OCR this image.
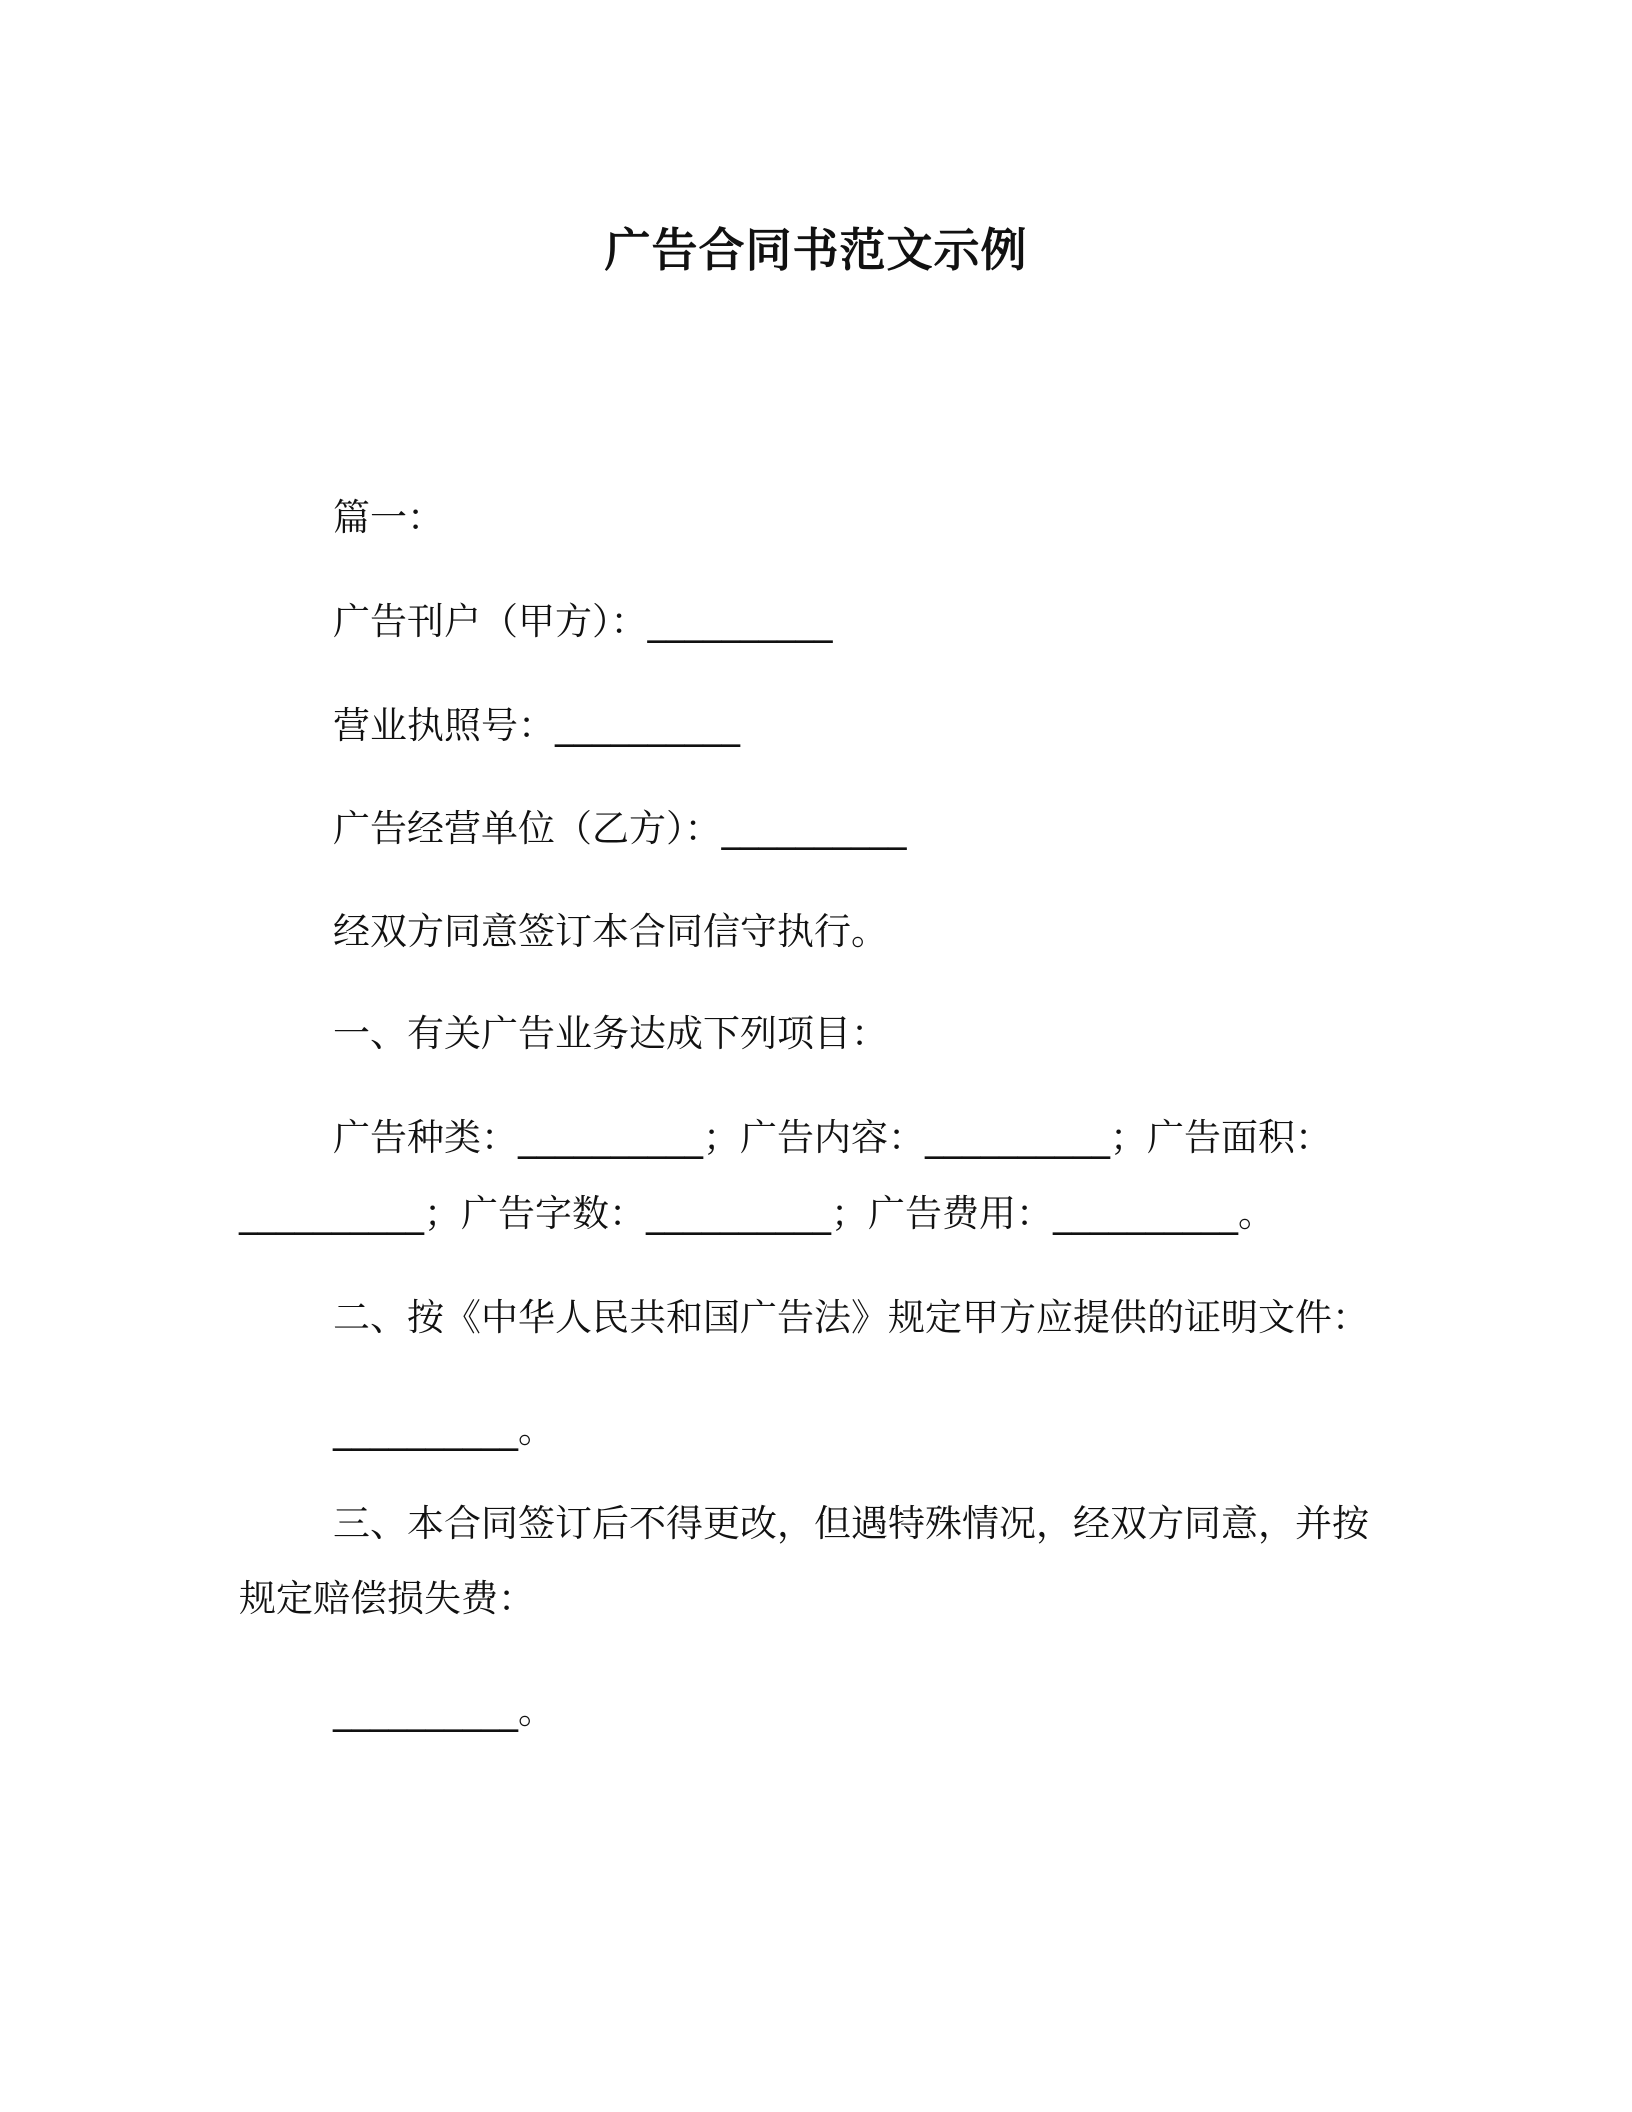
广告合同书范文示例
篇一：
广告刊户（甲方）：__________
营业执照号：__________
广告经营单位（乙方）：__________
经双方同意签订本合同信守执行。
一、有关广告业务达成下列项目：
广告种类：__________；广告内容：__________；广告面积：
__________；广告字数：__________；广告费用：__________。
二、按《中华人民共和国广告法》规定甲方应提供的证明文件：
__________。
三、本合同签订后不得更改，但遇特殊情况，经双方同意，并按
规定赔偿损失费：
__________。
